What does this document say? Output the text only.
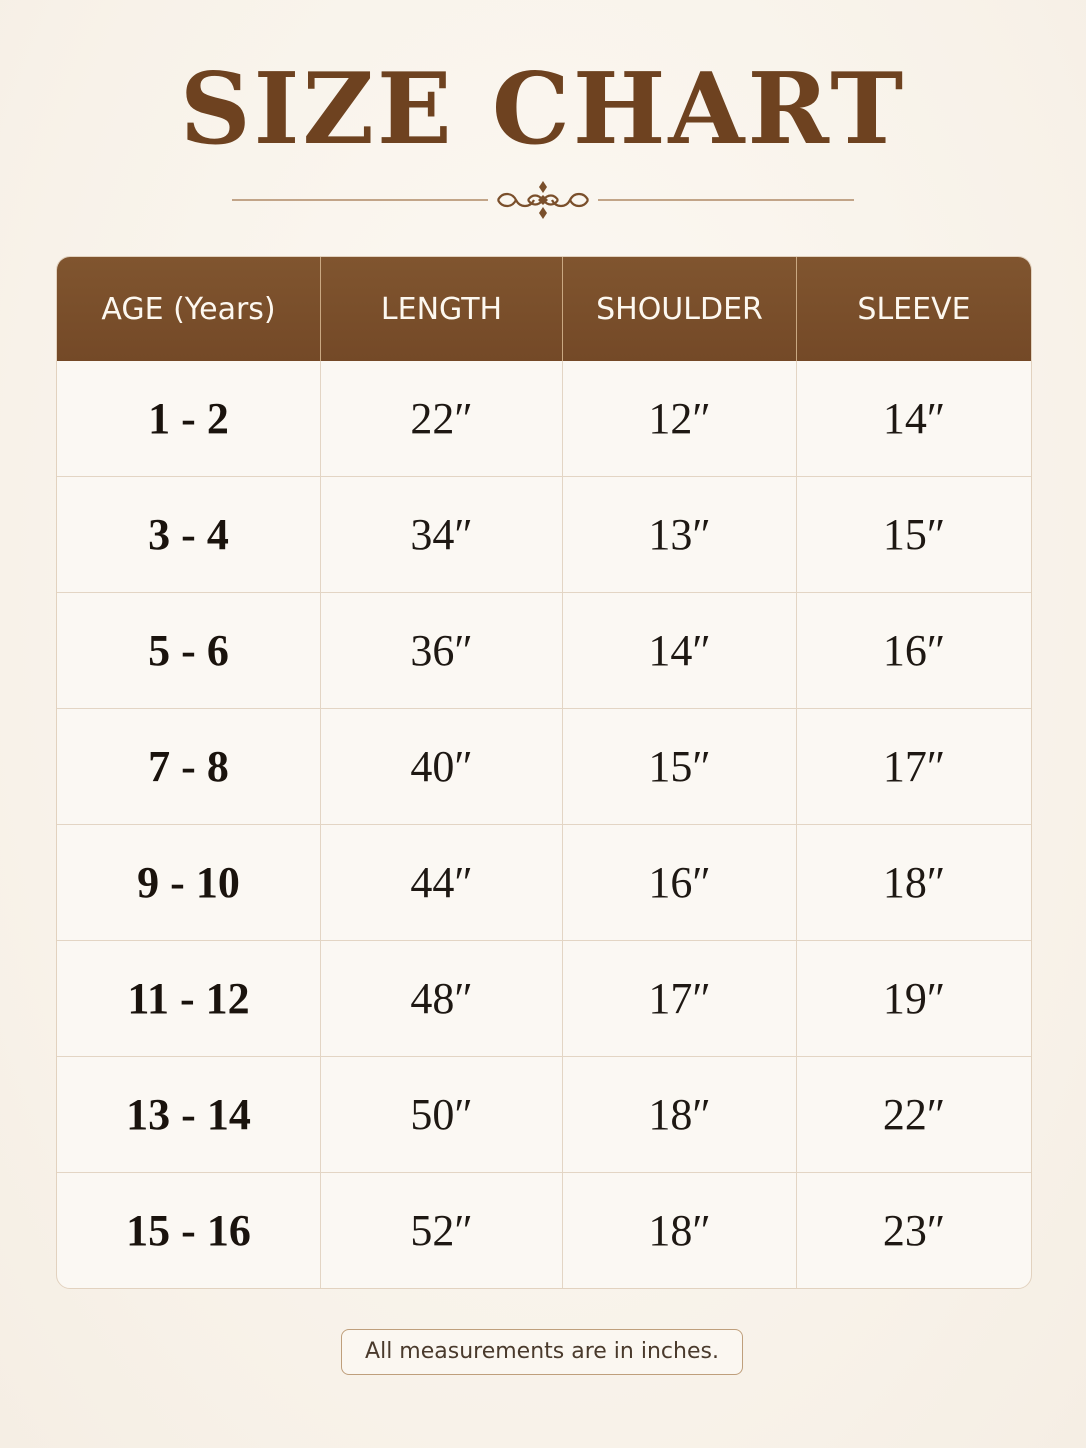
SIZE CHART
AGE (Years)	LENGTH	SHOULDER	SLEEVE
1 - 2	22″	12″	14″
3 - 4	34″	13″	15″
5 - 6	36″	14″	16″
7 - 8	40″	15″	17″
9 - 10	44″	16″	18″
11 - 12	48″	17″	19″
13 - 14	50″	18″	22″
15 - 16	52″	18″	23″
All measurements are in inches.
